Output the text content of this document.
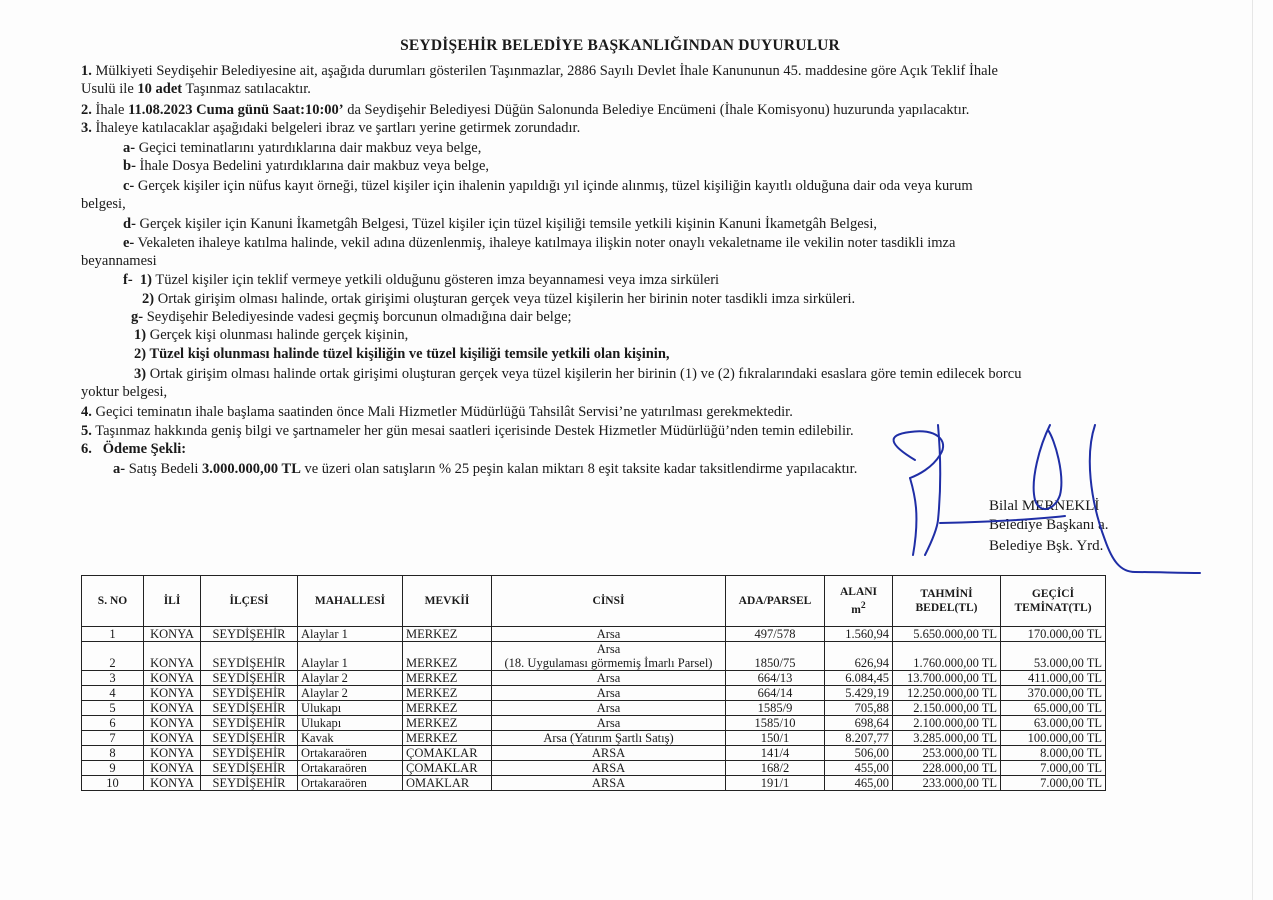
SEYDİŞEHİR BELEDİYE BAŞKANLIĞINDAN DUYURULUR
1. Mülkiyeti Seydişehir Belediyesine ait, aşağıda durumları gösterilen Taşınmazlar, 2886 Sayılı Devlet İhale Kanununun 45. maddesine göre Açık Teklif İhale
Usulü ile 10 adet Taşınmaz satılacaktır.
2. İhale 11.08.2023 Cuma günü Saat:10:00’ da Seydişehir Belediyesi Düğün Salonunda Belediye Encümeni (İhale Komisyonu) huzurunda yapılacaktır.
3. İhaleye katılacaklar aşağıdaki belgeleri ibraz ve şartları yerine getirmek zorundadır.
a- Geçici teminatlarını yatırdıklarına dair makbuz veya belge,
b- İhale Dosya Bedelini yatırdıklarına dair makbuz veya belge,
c- Gerçek kişiler için nüfus kayıt örneği, tüzel kişiler için ihalenin yapıldığı yıl içinde alınmış, tüzel kişiliğin kayıtlı olduğuna dair oda veya kurum
belgesi,
d- Gerçek kişiler için Kanuni İkametgâh Belgesi, Tüzel kişiler için tüzel kişiliği temsile yetkili kişinin Kanuni İkametgâh Belgesi,
e- Vekaleten ihaleye katılma halinde, vekil adına düzenlenmiş, ihaleye katılmaya ilişkin noter onaylı vekaletname ile vekilin noter tasdikli imza
beyannamesi
f- 1) Tüzel kişiler için teklif vermeye yetkili olduğunu gösteren imza beyannamesi veya imza sirküleri
2) Ortak girişim olması halinde, ortak girişimi oluşturan gerçek veya tüzel kişilerin her birinin noter tasdikli imza sirküleri.
g- Seydişehir Belediyesinde vadesi geçmiş borcunun olmadığına dair belge;
1) Gerçek kişi olunması halinde gerçek kişinin,
2) Tüzel kişi olunması halinde tüzel kişiliğin ve tüzel kişiliği temsile yetkili olan kişinin,
3) Ortak girişim olması halinde ortak girişimi oluşturan gerçek veya tüzel kişilerin her birinin (1) ve (2) fıkralarındaki esaslara göre temin edilecek borcu
yoktur belgesi,
4. Geçici teminatın ihale başlama saatinden önce Mali Hizmetler Müdürlüğü Tahsilât Servisi’ne yatırılması gerekmektedir.
5. Taşınmaz hakkında geniş bilgi ve şartnameler her gün mesai saatleri içerisinde Destek Hizmetler Müdürlüğü’nden temin edilebilir.
6. Ödeme Şekli:
a- Satış Bedeli 3.000.000,00 TL ve üzeri olan satışların % 25 peşin kalan miktarı 8 eşit taksite kadar taksitlendirme yapılacaktır.
Bilal MERNEKLİ
Belediye Başkanı a.
Belediye Bşk. Yrd.
S. NO	İLİ	İLÇESİ	MAHALLESİ	MEVKİİ	CİNSİ	ADA/PARSEL	ALANI
$m^2$	TAHMİNİ
BEDEL(TL)	GEÇİCİ
TEMİNAT(TL)
1	KONYA	SEYDİŞEHİR	Alaylar 1	MERKEZ	Arsa	497/578	1.560,94	5.650.000,00 TL	170.000,00 TL
2	KONYA	SEYDİŞEHİR	Alaylar 1	MERKEZ	Arsa
(18. Uygulaması görmemiş İmarlı Parsel)	1850/75	626,94	1.760.000,00 TL	53.000,00 TL
3	KONYA	SEYDİŞEHİR	Alaylar 2	MERKEZ	Arsa	664/13	6.084,45	13.700.000,00 TL	411.000,00 TL
4	KONYA	SEYDİŞEHİR	Alaylar 2	MERKEZ	Arsa	664/14	5.429,19	12.250.000,00 TL	370.000,00 TL
5	KONYA	SEYDİŞEHİR	Ulukapı	MERKEZ	Arsa	1585/9	705,88	2.150.000,00 TL	65.000,00 TL
6	KONYA	SEYDİŞEHİR	Ulukapı	MERKEZ	Arsa	1585/10	698,64	2.100.000,00 TL	63.000,00 TL
7	KONYA	SEYDİŞEHİR	Kavak	MERKEZ	Arsa (Yatırım Şartlı Satış)	150/1	8.207,77	3.285.000,00 TL	100.000,00 TL
8	KONYA	SEYDİŞEHİR	Ortakaraören	ÇOMAKLAR	ARSA	141/4	506,00	253.000,00 TL	8.000,00 TL
9	KONYA	SEYDİŞEHİR	Ortakaraören	ÇOMAKLAR	ARSA	168/2	455,00	228.000,00 TL	7.000,00 TL
10	KONYA	SEYDİŞEHİR	Ortakaraören	OMAKLAR	ARSA	191/1	465,00	233.000,00 TL	7.000,00 TL
